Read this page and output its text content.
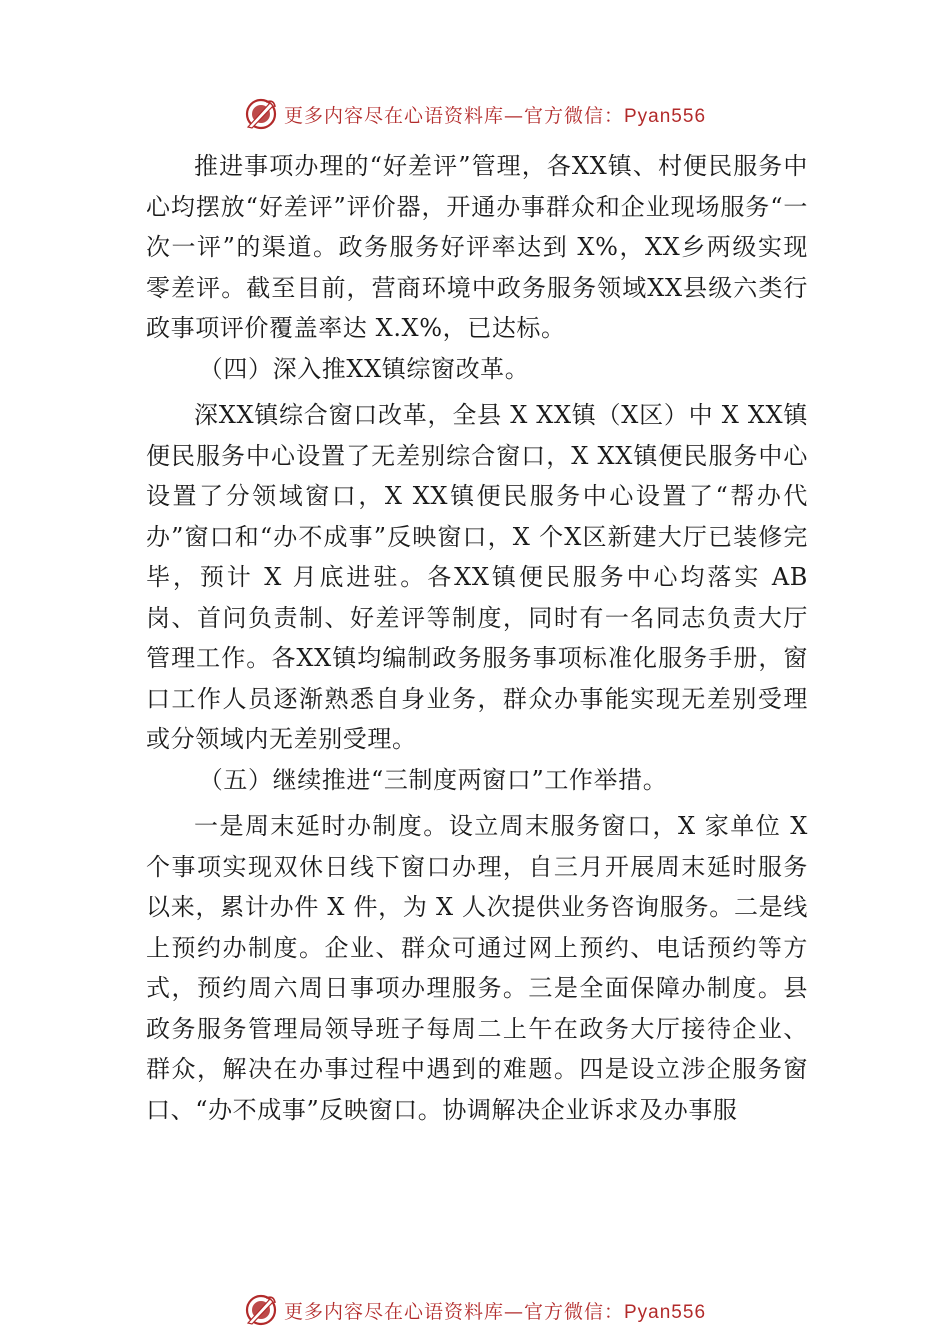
更多内容尽在心语资料库—官方微信：Pyan556

推进事项办理的“好差评”管理，各XX镇、村便民服务中心均摆放“好差评”评价器，开通办事群众和企业现场服务“一次一评”的渠道。政务服务好评率达到 X%，XX乡两级实现零差评。截至目前，营商环境中政务服务领域XX县级六类行政事项评价覆盖率达 X.X%，已达标。

（四）深入推XX镇综窗改革。

深XX镇综合窗口改革，全县 X XX镇（X区）中 X XX镇便民服务中心设置了无差别综合窗口，X XX镇便民服务中心设置了分领域窗口，X XX镇便民服务中心设置了“帮办代办”窗口和“办不成事”反映窗口，X 个X区新建大厅已装修完毕，预计 X 月底进驻。各XX镇便民服务中心均落实 AB 岗、首问负责制、好差评等制度，同时有一名同志负责大厅管理工作。各XX镇均编制政务服务事项标准化服务手册，窗口工作人员逐渐熟悉自身业务，群众办事能实现无差别受理或分领域内无差别受理。

（五）继续推进“三制度两窗口”工作举措。

一是周末延时办制度。设立周末服务窗口，X 家单位 X 个事项实现双休日线下窗口办理，自三月开展周末延时服务以来，累计办件 X 件，为 X 人次提供业务咨询服务。二是线上预约办制度。企业、群众可通过网上预约、电话预约等方式，预约周六周日事项办理服务。三是全面保障办制度。县政务服务管理局领导班子每周二上午在政务大厅接待企业、群众，解决在办事过程中遇到的难题。四是设立涉企服务窗口、“办不成事”反映窗口。协调解决企业诉求及办事服

更多内容尽在心语资料库—官方微信：Pyan556
